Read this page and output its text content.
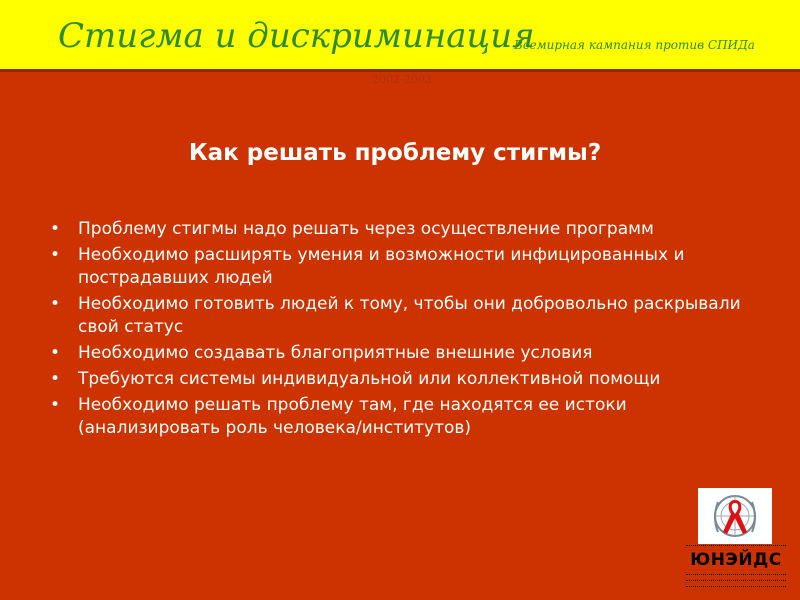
Стигма и дискриминация
Всемирная кампания против СПИДа
2002-2003
Как решать проблему стигмы?
• Проблему стигмы надо решать через осуществление программ
• Необходимо расширять умения и возможности инфицированных и пострадавших людей
• Необходимо готовить людей к тому, чтобы они добровольно раскрывали свой статус
• Необходимо создавать благоприятные внешние условия
• Требуются системы индивидуальной или коллективной помощи
• Необходимо решать проблему там, где находятся ее истоки (анализировать роль человека/институтов)
ЮНЭЙДС
